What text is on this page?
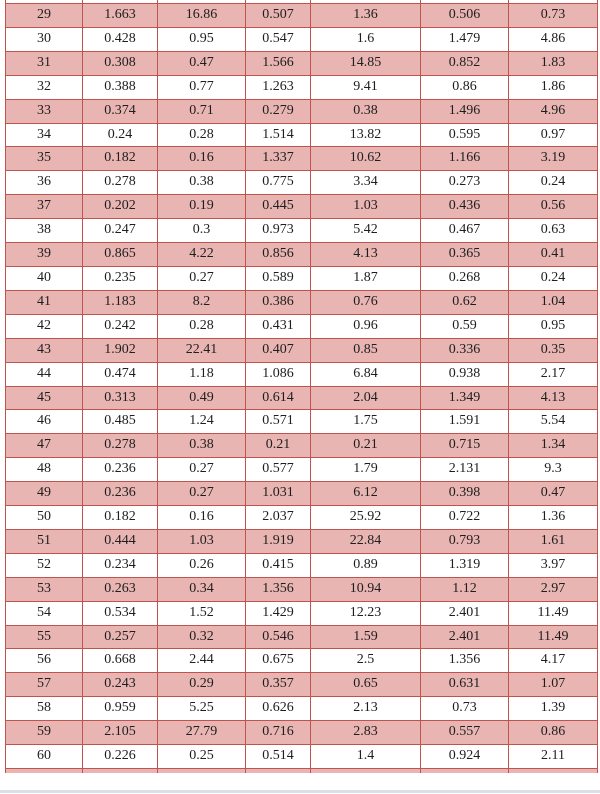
29	1.663	16.86	0.507	1.36	0.506	0.73
30	0.428	0.95	0.547	1.6	1.479	4.86
31	0.308	0.47	1.566	14.85	0.852	1.83
32	0.388	0.77	1.263	9.41	0.86	1.86
33	0.374	0.71	0.279	0.38	1.496	4.96
34	0.24	0.28	1.514	13.82	0.595	0.97
35	0.182	0.16	1.337	10.62	1.166	3.19
36	0.278	0.38	0.775	3.34	0.273	0.24
37	0.202	0.19	0.445	1.03	0.436	0.56
38	0.247	0.3	0.973	5.42	0.467	0.63
39	0.865	4.22	0.856	4.13	0.365	0.41
40	0.235	0.27	0.589	1.87	0.268	0.24
41	1.183	8.2	0.386	0.76	0.62	1.04
42	0.242	0.28	0.431	0.96	0.59	0.95
43	1.902	22.41	0.407	0.85	0.336	0.35
44	0.474	1.18	1.086	6.84	0.938	2.17
45	0.313	0.49	0.614	2.04	1.349	4.13
46	0.485	1.24	0.571	1.75	1.591	5.54
47	0.278	0.38	0.21	0.21	0.715	1.34
48	0.236	0.27	0.577	1.79	2.131	9.3
49	0.236	0.27	1.031	6.12	0.398	0.47
50	0.182	0.16	2.037	25.92	0.722	1.36
51	0.444	1.03	1.919	22.84	0.793	1.61
52	0.234	0.26	0.415	0.89	1.319	3.97
53	0.263	0.34	1.356	10.94	1.12	2.97
54	0.534	1.52	1.429	12.23	2.401	11.49
55	0.257	0.32	0.546	1.59	2.401	11.49
56	0.668	2.44	0.675	2.5	1.356	4.17
57	0.243	0.29	0.357	0.65	0.631	1.07
58	0.959	5.25	0.626	2.13	0.73	1.39
59	2.105	27.79	0.716	2.83	0.557	0.86
60	0.226	0.25	0.514	1.4	0.924	2.11
